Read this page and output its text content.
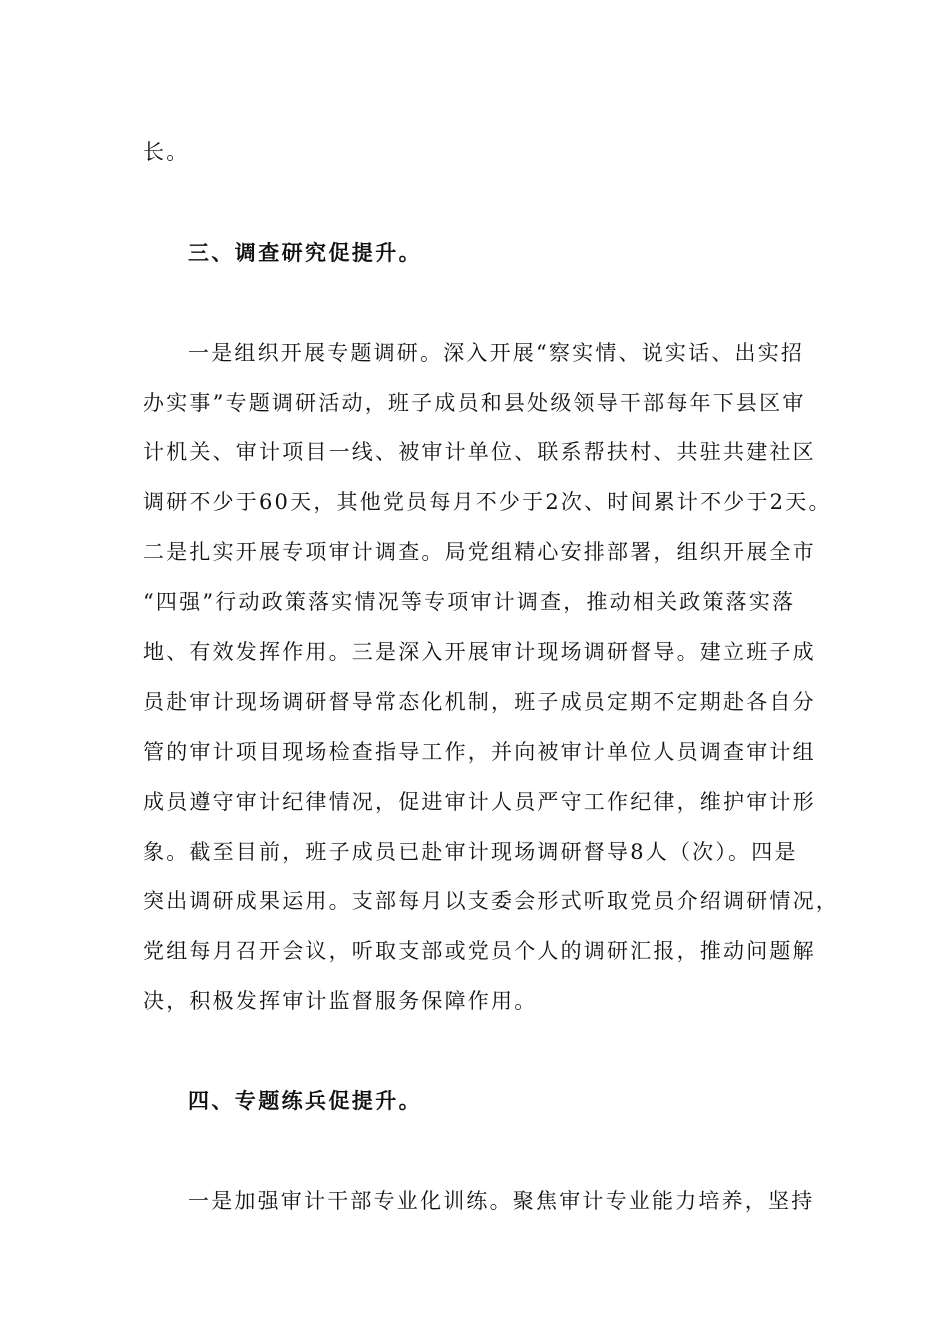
长。
三、调查研究促提升。
一是组织开展专题调研。深入开展“察实情、说实话、出实招
办实事”专题调研活动，班子成员和县处级领导干部每年下县区审
计机关、审计项目一线、被审计单位、联系帮扶村、共驻共建社区
调研不少于60天，其他党员每月不少于2次、时间累计不少于2天。
二是扎实开展专项审计调查。局党组精心安排部署，组织开展全市
“四强”行动政策落实情况等专项审计调查，推动相关政策落实落
地、有效发挥作用。三是深入开展审计现场调研督导。建立班子成
员赴审计现场调研督导常态化机制，班子成员定期不定期赴各自分
管的审计项目现场检查指导工作，并向被审计单位人员调查审计组
成员遵守审计纪律情况，促进审计人员严守工作纪律，维护审计形
象。截至目前，班子成员已赴审计现场调研督导8人（次）。四是
突出调研成果运用。支部每月以支委会形式听取党员介绍调研情况，
党组每月召开会议，听取支部或党员个人的调研汇报，推动问题解
决，积极发挥审计监督服务保障作用。
四、专题练兵促提升。
一是加强审计干部专业化训练。聚焦审计专业能力培养，坚持
